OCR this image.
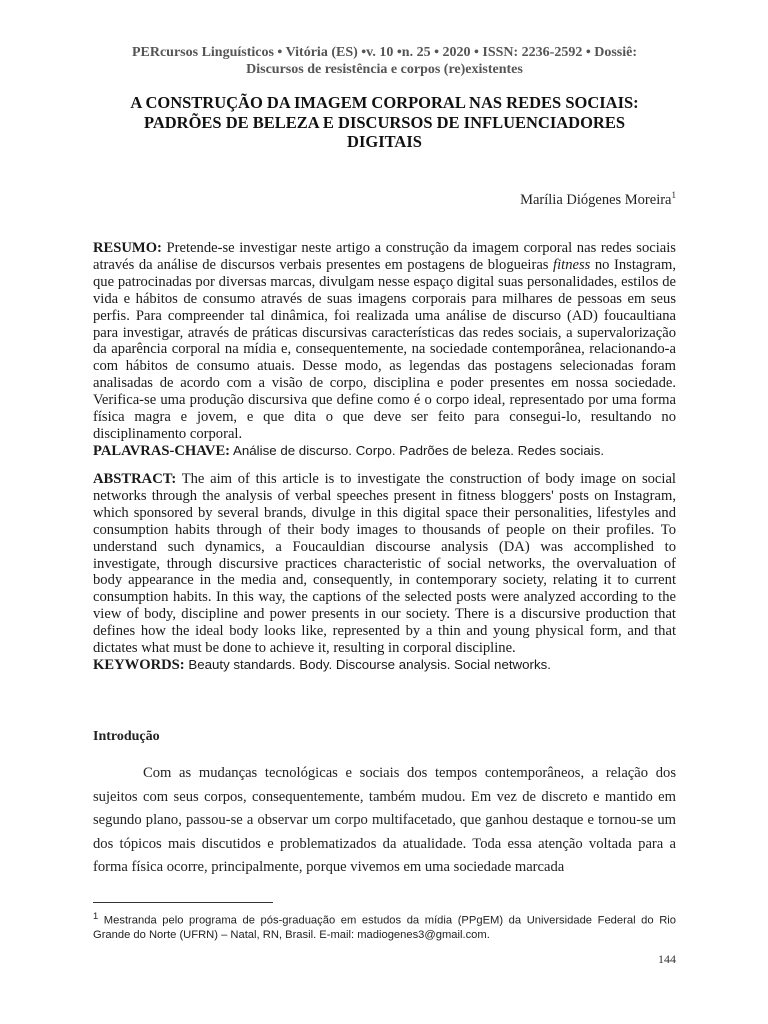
PERcursos Linguísticos • Vitória (ES) •v. 10 •n. 25 • 2020 • ISSN: 2236-2592 • Dossiê:
Discursos de resistência e corpos (re)existentes
A CONSTRUÇÃO DA IMAGEM CORPORAL NAS REDES SOCIAIS:
PADRÕES DE BELEZA E DISCURSOS DE INFLUENCIADORES
DIGITAIS
Marília Diógenes Moreira$^1$

RESUMO: Pretende-se investigar neste artigo a construção da imagem corporal nas redes sociais através da análise de discursos verbais presentes em postagens de blogueiras fitness no Instagram, que patrocinadas por diversas marcas, divulgam nesse espaço digital suas personalidades, estilos de vida e hábitos de consumo através de suas imagens corporais para milhares de pessoas em seus perfis. Para compreender tal dinâmica, foi realizada uma análise de discurso (AD) foucaultiana para investigar, através de práticas discursivas características das redes sociais, a supervalorização da aparência corporal na mídia e, consequentemente, na sociedade contemporânea, relacionando-a com hábitos de consumo atuais. Desse modo, as legendas das postagens selecionadas foram analisadas de acordo com a visão de corpo, disciplina e poder presentes em nossa sociedade. Verifica-se uma produção discursiva que define como é o corpo ideal, representado por uma forma física magra e jovem, e que dita o que deve ser feito para consegui-lo, resultando no disciplinamento corporal.

PALAVRAS-CHAVE: Análise de discurso. Corpo. Padrões de beleza. Redes sociais.

ABSTRACT: The aim of this article is to investigate the construction of body image on social networks through the analysis of verbal speeches present in fitness bloggers' posts on Instagram, which sponsored by several brands, divulge in this digital space their personalities, lifestyles and consumption habits through of their body images to thousands of people on their profiles. To understand such dynamics, a Foucauldian discourse analysis (DA) was accomplished to investigate, through discursive practices characteristic of social networks, the overvaluation of body appearance in the media and, consequently, in contemporary society, relating it to current consumption habits. In this way, the captions of the selected posts were analyzed according to the view of body, discipline and power presents in our society. There is a discursive production that defines how the ideal body looks like, represented by a thin and young physical form, and that dictates what must be done to achieve it, resulting in corporal discipline.

KEYWORDS: Beauty standards. Body. Discourse analysis. Social networks.

Introdução

Com as mudanças tecnológicas e sociais dos tempos contemporâneos, a relação dos sujeitos com seus corpos, consequentemente, também mudou. Em vez de discreto e mantido em segundo plano, passou-se a observar um corpo multifacetado, que ganhou destaque e tornou-se um dos tópicos mais discutidos e problematizados da atualidade. Toda essa atenção voltada para a forma física ocorre, principalmente, porque vivemos em uma sociedade marcada

$^1$ Mestranda pelo programa de pós-graduação em estudos da mídia (PPgEM) da Universidade Federal do Rio Grande do Norte (UFRN) – Natal, RN, Brasil. E-mail: madiogenes3@gmail.com.

144
